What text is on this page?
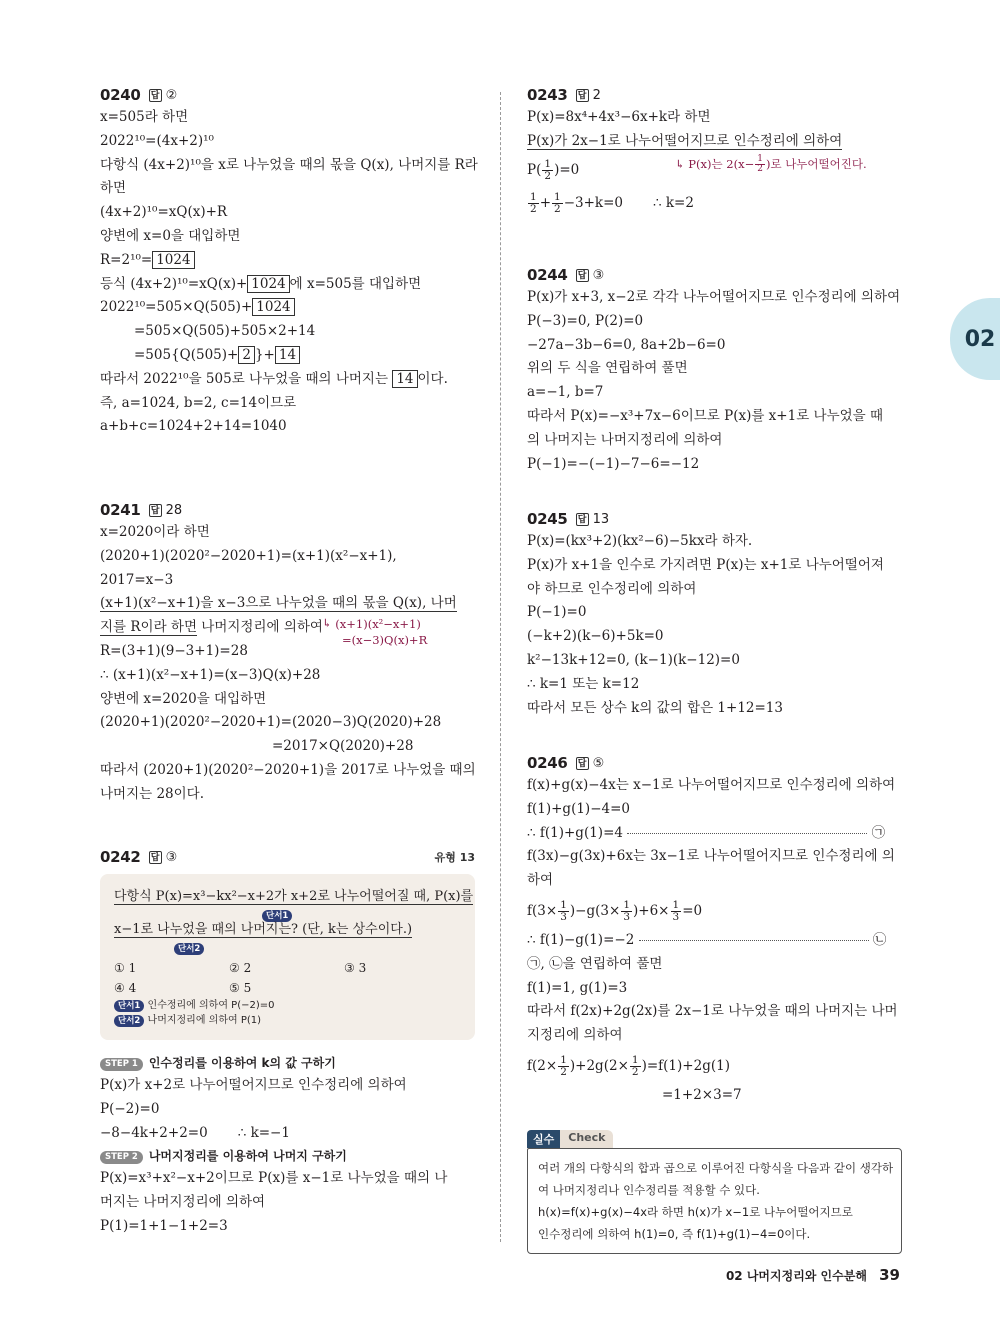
02
0240 답 ②
x=505라 하면
2022¹⁰=(4x+2)¹⁰
다항식 (4x+2)¹⁰을 x로 나누었을 때의 몫을 Q(x), 나머지를 R라
하면
(4x+2)¹⁰=xQ(x)+R
양변에 x=0을 대입하면
R=2¹⁰= 1024
등식 (4x+2)¹⁰=xQ(x)+ 1024 에 x=505를 대입하면
2022¹⁰=505×Q(505)+ 1024
=505×Q(505)+505×2+14
=505{Q(505)+ 2 }+ 14
따라서 2022¹⁰을 505로 나누었을 때의 나머지는 14 이다.
즉, a=1024, b=2, c=14이므로
a+b+c=1024+2+14=1040
0241 답 28
x=2020이라 하면
(2020+1)(2020²−2020+1)=(x+1)(x²−x+1),
2017=x−3
(x+1)(x²−x+1)을 x−3으로 나누었을 때의 몫을 Q(x), 나머
지를 R이라 하면 나머지정리에 의하여 ↳ (x+1)(x²−x+1)
=(x−3)Q(x)+R
R=(3+1)(9−3+1)=28
∴ (x+1)(x²−x+1)=(x−3)Q(x)+28
양변에 x=2020을 대입하면
(2020+1)(2020²−2020+1)=(2020−3)Q(2020)+28
=2017×Q(2020)+28
따라서 (2020+1)(2020²−2020+1)을 2017로 나누었을 때의
나머지는 28이다.
0242 답 ③	유형 13
다항식 P(x)=x³−kx²−x+2가 x+2로 나누어떨어질 때, P(x)를
단서1
x−1로 나누었을 때의 나머지는? (단, k는 상수이다.)
단서2
① 1	② 2	③ 3
④ 4	⑤ 5
단서1 인수정리에 의하여 P(−2)=0
단서2 나머지정리에 의하여 P(1)
STEP 1 인수정리를 이용하여 k의 값 구하기
P(x)가 x+2로 나누어떨어지므로 인수정리에 의하여
P(−2)=0
−8−4k+2+2=0 ∴ k=−1
STEP 2 나머지정리를 이용하여 나머지 구하기
P(x)=x³+x²−x+2이므로 P(x)를 x−1로 나누었을 때의 나
머지는 나머지정리에 의하여
P(1)=1+1−1+2=3
0243 답 2
P(x)=8x⁴+4x³−6x+k라 하면
P(x)가 2x−1로 나누어떨어지므로 인수정리에 의하여
$P( \frac{1}{2} )=0$	↳ P(x)는 $2(x- \frac{1}{2}$ )로 나누어떨어진다.
$\frac{1}{2} + \frac{1}{2} -3+k=0$ ∴ k=2
0244 답 ③
P(x)가 x+3, x−2로 각각 나누어떨어지므로 인수정리에 의하여
P(−3)=0, P(2)=0
−27a−3b−6=0, 8a+2b−6=0
위의 두 식을 연립하여 풀면
a=−1, b=7
따라서 P(x)=−x³+7x−6이므로 P(x)를 x+1로 나누었을 때
의 나머지는 나머지정리에 의하여
P(−1)=−(−1)−7−6=−12
0245 답 13
P(x)=(kx³+2)(kx²−6)−5kx라 하자.
P(x)가 x+1을 인수로 가지려면 P(x)는 x+1로 나누어떨어져
야 하므로 인수정리에 의하여
P(−1)=0
(−k+2)(k−6)+5k=0
k²−13k+12=0, (k−1)(k−12)=0
∴ k=1 또는 k=12
따라서 모든 상수 k의 값의 합은 1+12=13
0246 답 ⑤
f(x)+g(x)−4x는 x−1로 나누어떨어지므로 인수정리에 의하여
f(1)+g(1)−4=0
∴ f(1)+g(1)=4	㉠
f(3x)−g(3x)+6x는 3x−1로 나누어떨어지므로 인수정리에 의
하여
$f(3\times \frac{1}{3} )-g(3\times \frac{1}{3} )+6\times \frac{1}{3} =0$
∴ f(1)−g(1)=−2	㉡
㉠, ㉡을 연립하여 풀면
f(1)=1, g(1)=3
따라서 f(2x)+2g(2x)를 2x−1로 나누었을 때의 나머지는 나머
지정리에 의하여
$f(2\times \frac{1}{2} )+2g(2\times \frac{1}{2} )=f(1)+2g(1)$
=1+2×3=7
실수	Check
여러 개의 다항식의 합과 곱으로 이루어진 다항식을 다음과 같이 생각하
여 나머지정리나 인수정리를 적용할 수 있다.
h(x)=f(x)+g(x)−4x라 하면 h(x)가 x−1로 나누어떨어지므로
인수정리에 의하여 h(1)=0, 즉 f(1)+g(1)−4=0이다.
02 나머지정리와 인수분해 39
